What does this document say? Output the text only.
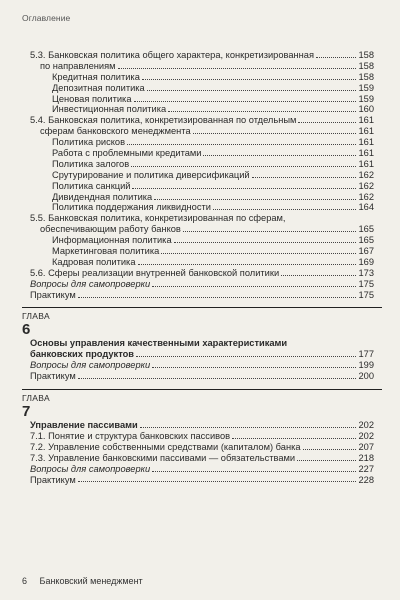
Оглавление
5.3. Банковская политика общего характера, конкретизированная	158
по направлениям	158
Кредитная политика	158
Депозитная политика	159
Ценовая политика	159
Инвестиционная политика	160
5.4. Банковская политика, конкретизированная по отдельным	161
сферам банковского менеджмента	161
Политика рисков	161
Работа с проблемными кредитами	161
Политика залогов	161
Срутурирование и политика диверсификаций	162
Политика санкций	162
Дивидендная политика	162
Политика поддержания ликвидности	164
5.5. Банковская политика, конкретизированная по сферам,
обеспечивающим работу банков	165
Информационная политика	165
Маркетинговая политика	167
Кадровая политика	169
5.6. Сферы реализации внутренней банковской политики	173
Вопросы для самопроверки	175
Практикум	175
ГЛАВА
6
Основы управления качественными характеристиками
банковских продуктов	177
Вопросы для самопроверки	199
Практикум	200
ГЛАВА
7
Управление пассивами	202
7.1. Понятие и структура банковских пассивов	202
7.2. Управление собственными средствами (капиталом) банка	207
7.3. Управление банковскими пассивами — обязательствами	218
Вопросы для самопроверки	227
Практикум	228
6 Банковский менеджмент
